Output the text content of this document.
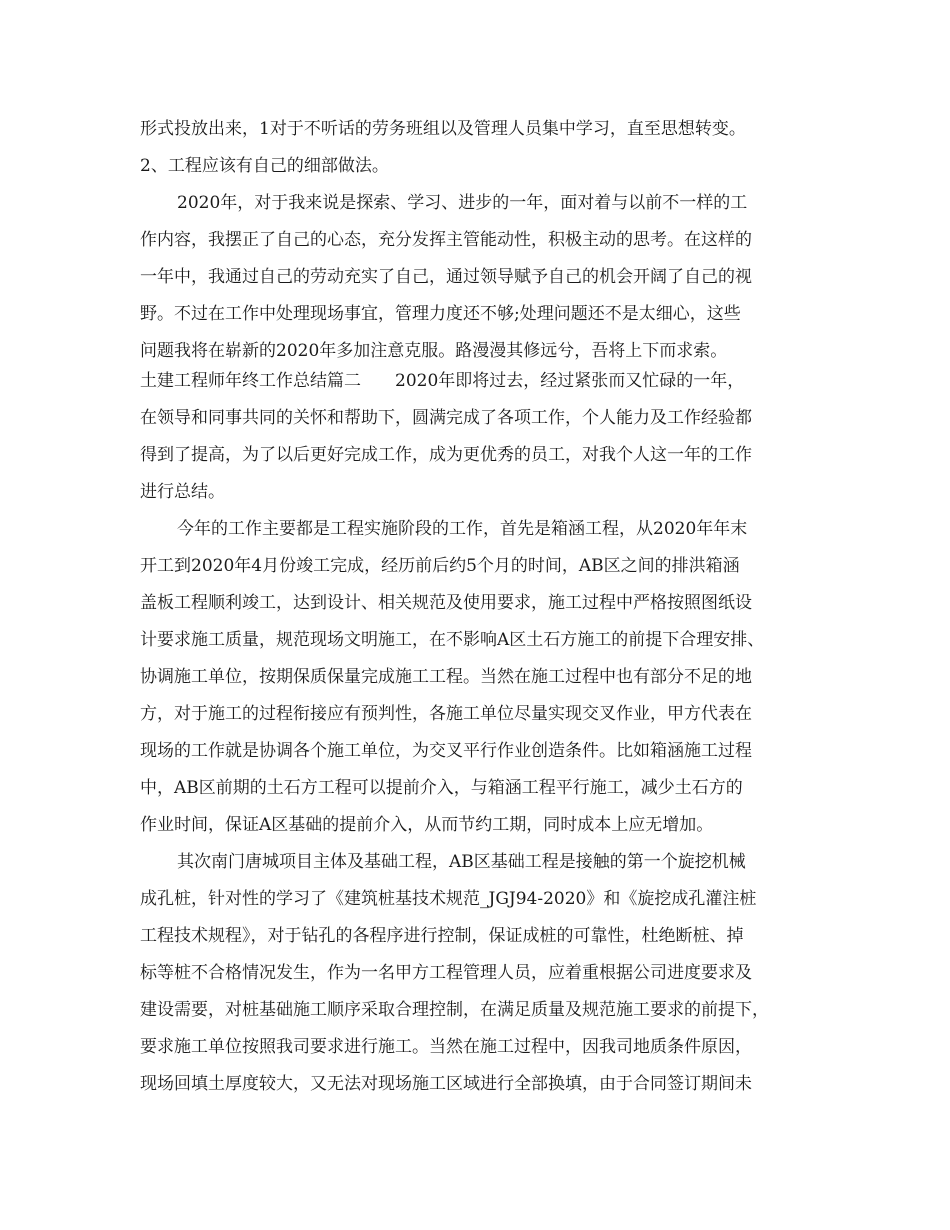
形式投放出来，1对于不听话的劳务班组以及管理人员集中学习，直至思想转变。
2、工程应该有自己的细部做法。
2020年，对于我来说是探索、学习、进步的一年，面对着与以前不一样的工
作内容，我摆正了自己的心态，充分发挥主管能动性，积极主动的思考。在这样的
一年中，我通过自己的劳动充实了自己，通过领导赋予自己的机会开阔了自己的视
野。不过在工作中处理现场事宜，管理力度还不够;处理问题还不是太细心，这些
问题我将在崭新的2020年多加注意克服。路漫漫其修远兮，吾将上下而求索。
土建工程师年终工作总结篇二　　2020年即将过去，经过紧张而又忙碌的一年，
在领导和同事共同的关怀和帮助下，圆满完成了各项工作，个人能力及工作经验都
得到了提高，为了以后更好完成工作，成为更优秀的员工，对我个人这一年的工作
进行总结。
今年的工作主要都是工程实施阶段的工作，首先是箱涵工程，从2020年年末
开工到2020年4月份竣工完成，经历前后约5个月的时间，AB区之间的排洪箱涵
盖板工程顺利竣工，达到设计、相关规范及使用要求，施工过程中严格按照图纸设
计要求施工质量，规范现场文明施工，在不影响A区土石方施工的前提下合理安排、
协调施工单位，按期保质保量完成施工工程。当然在施工过程中也有部分不足的地
方，对于施工的过程衔接应有预判性，各施工单位尽量实现交叉作业，甲方代表在
现场的工作就是协调各个施工单位，为交叉平行作业创造条件。比如箱涵施工过程
中，AB区前期的土石方工程可以提前介入，与箱涵工程平行施工，减少土石方的
作业时间，保证A区基础的提前介入，从而节约工期，同时成本上应无增加。
其次南门唐城项目主体及基础工程，AB区基础工程是接触的第一个旋挖机械
成孔桩，针对性的学习了《建筑桩基技术规范_JGJ94-2020》和《旋挖成孔灌注桩
工程技术规程》，对于钻孔的各程序进行控制，保证成桩的可靠性，杜绝断桩、掉
标等桩不合格情况发生，作为一名甲方工程管理人员，应着重根据公司进度要求及
建设需要，对桩基础施工顺序采取合理控制，在满足质量及规范施工要求的前提下，
要求施工单位按照我司要求进行施工。当然在施工过程中，因我司地质条件原因，
现场回填土厚度较大，又无法对现场施工区域进行全部换填，由于合同签订期间未
